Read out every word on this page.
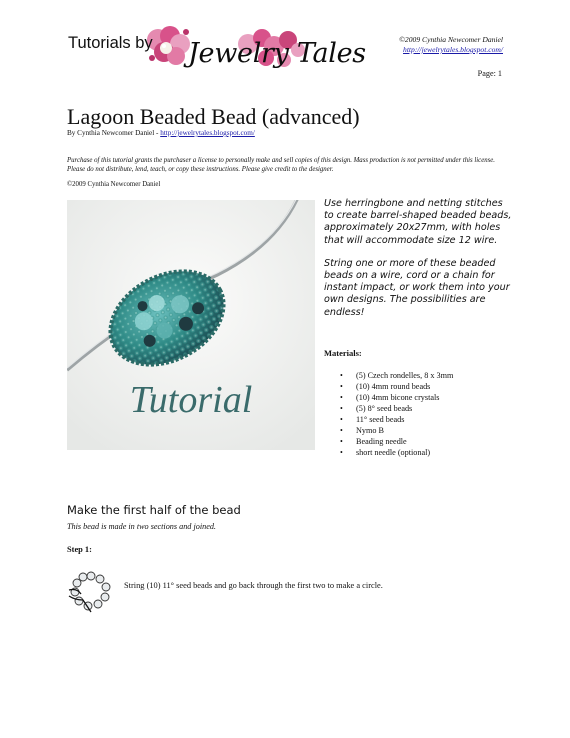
Tutorials by Jewelry Tales	©2009 Cynthia Newcomer Daniel
http://jewelrytales.blogspot.com/
Page: 1
Lagoon Beaded Bead (advanced)
By Cynthia Newcomer Daniel - http://jewelrytales.blogspot.com/
Purchase of this tutorial grants the purchaser a license to personally make and sell copies of this design. Mass production is not permitted under this license. Please do not distribute, lend, teach, or copy these instructions. Please give credit to the designer.
©2009 Cynthia Newcomer Daniel
Tutorial

Use herringbone and netting stitches to create barrel-shaped beaded beads, approximately 20x27mm, with holes that will accommodate size 12 wire.

String one or more of these beaded beads on a wire, cord or a chain for instant impact, or work them into your own designs. The possibilities are endless!

Materials:
• (5) Czech rondelles, 8 x 3mm
• (10) 4mm round beads
• (10) 4mm bicone crystals
• (5) 8° seed beads
• 11° seed beads
• Nymo B
• Beading needle
• short needle (optional)
Make the first half of the bead
This bead is made in two sections and joined.
Step 1:
String (10) 11° seed beads and go back through the first two to make a circle.
